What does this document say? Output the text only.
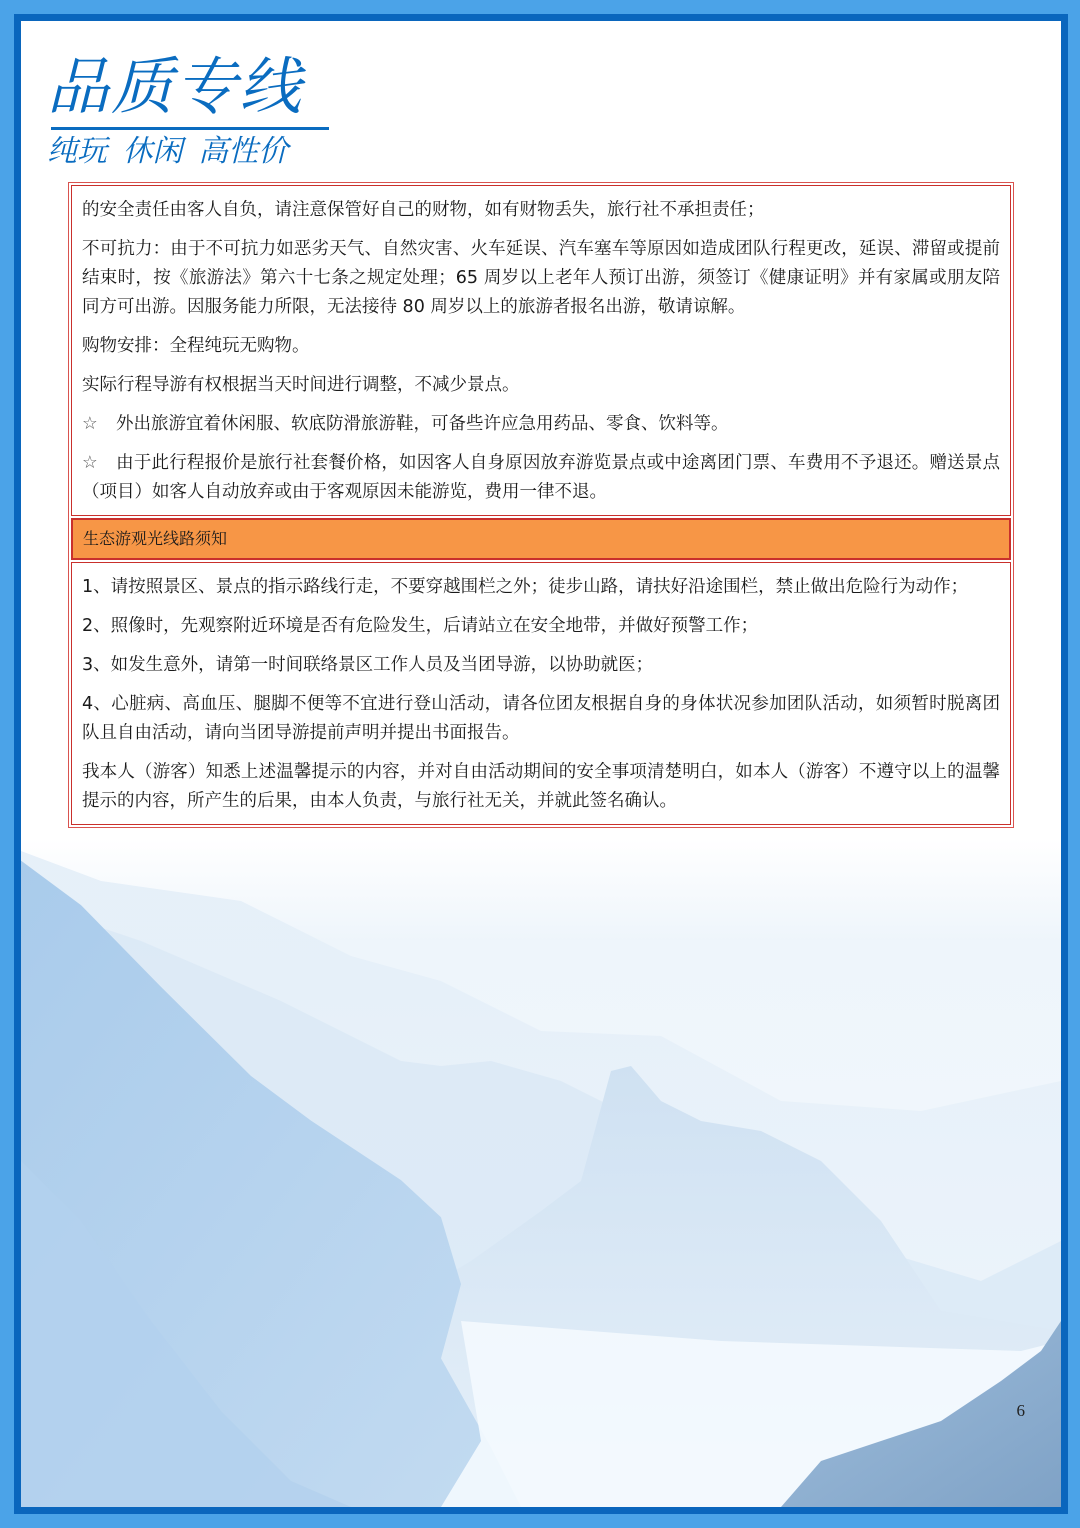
品质专线
纯玩 休闲 高性价

的安全责任由客人自负，请注意保管好自己的财物，如有财物丢失，旅行社不承担责任；

不可抗力：由于不可抗力如恶劣天气、自然灾害、火车延误、汽车塞车等原因如造成团队行程更改，延误、滞留或提前结束时，按《旅游法》第六十七条之规定处理；65 周岁以上老年人预订出游，须签订《健康证明》并有家属或朋友陪同方可出游。因服务能力所限，无法接待 80 周岁以上的旅游者报名出游，敬请谅解。

购物安排：全程纯玩无购物。

实际行程导游有权根据当天时间进行调整，不减少景点。

☆ 外出旅游宜着休闲服、软底防滑旅游鞋，可备些许应急用药品、零食、饮料等。

☆ 由于此行程报价是旅行社套餐价格，如因客人自身原因放弃游览景点或中途离团门票、车费用不予退还。赠送景点（项目）如客人自动放弃或由于客观原因未能游览，费用一律不退。

生态游观光线路须知

1、请按照景区、景点的指示路线行走，不要穿越围栏之外；徒步山路，请扶好沿途围栏，禁止做出危险行为动作；

2、照像时，先观察附近环境是否有危险发生，后请站立在安全地带，并做好预警工作；

3、如发生意外，请第一时间联络景区工作人员及当团导游，以协助就医；

4、心脏病、高血压、腿脚不便等不宜进行登山活动，请各位团友根据自身的身体状况参加团队活动，如须暂时脱离团队且自由活动，请向当团导游提前声明并提出书面报告。

我本人（游客）知悉上述温馨提示的内容，并对自由活动期间的安全事项清楚明白，如本人（游客）不遵守以上的温馨提示的内容，所产生的后果，由本人负责，与旅行社无关，并就此签名确认。

6
